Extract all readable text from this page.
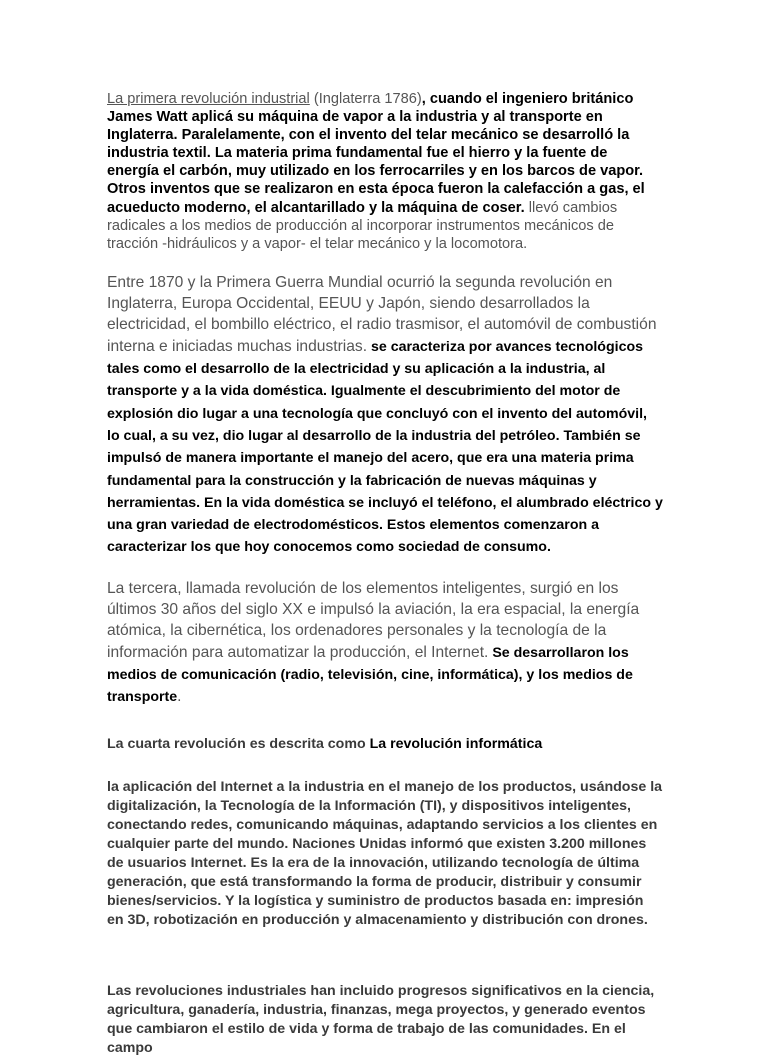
La primera revolución industrial (Inglaterra 1786), cuando el ingeniero británico James Watt aplicá su máquina de vapor a la industria y al transporte en Inglaterra. Paralelamente, con el invento del telar mecánico se desarrolló la industria textil. La materia prima fundamental fue el hierro y la fuente de energía el carbón, muy utilizado en los ferrocarriles y en los barcos de vapor. Otros inventos que se realizaron en esta época fueron la calefacción a gas, el acueducto moderno, el alcantarillado y la máquina de coser. llevó cambios radicales a los medios de producción al incorporar instrumentos mecánicos de tracción -hidráulicos y a vapor- el telar mecánico y la locomotora.

Entre 1870 y la Primera Guerra Mundial ocurrió la segunda revolución en Inglaterra, Europa Occidental, EEUU y Japón, siendo desarrollados la electricidad, el bombillo eléctrico, el radio trasmisor, el automóvil de combustión interna e iniciadas muchas industrias. se caracteriza por avances tecnológicos tales como el desarrollo de la electricidad y su aplicación a la industria, al transporte y a la vida doméstica. Igualmente el descubrimiento del motor de explosión dio lugar a una tecnología que concluyó con el invento del automóvil, lo cual, a su vez, dio lugar al desarrollo de la industria del petróleo. También se impulsó de manera importante el manejo del acero, que era una materia prima fundamental para la construcción y la fabricación de nuevas máquinas y herramientas. En la vida doméstica se incluyó el teléfono, el alumbrado eléctrico y una gran variedad de electrodomésticos. Estos elementos comenzaron a caracterizar los que hoy conocemos como sociedad de consumo.

La tercera, llamada revolución de los elementos inteligentes, surgió en los últimos 30 años del siglo XX e impulsó la aviación, la era espacial, la energía atómica, la cibernética, los ordenadores personales y la tecnología de la información para automatizar la producción, el Internet. Se desarrollaron los medios de comunicación (radio, televisión, cine, informática), y los medios de transporte.

La cuarta revolución es descrita como La revolución informática

la aplicación del Internet a la industria en el manejo de los productos, usándose la digitalización, la Tecnología de la Información (TI), y dispositivos inteligentes, conectando redes, comunicando máquinas, adaptando servicios a los clientes en cualquier parte del mundo. Naciones Unidas informó que existen 3.200 millones de usuarios Internet. Es la era de la innovación, utilizando tecnología de última generación, que está transformando la forma de producir, distribuir y consumir bienes/servicios. Y la logística y suministro de productos basada en: impresión en 3D, robotización en producción y almacenamiento y distribución con drones.

Las revoluciones industriales han incluido progresos significativos en la ciencia, agricultura, ganadería, industria, finanzas, mega proyectos, y generado eventos que cambiaron el estilo de vida y forma de trabajo de las comunidades. En el campo
